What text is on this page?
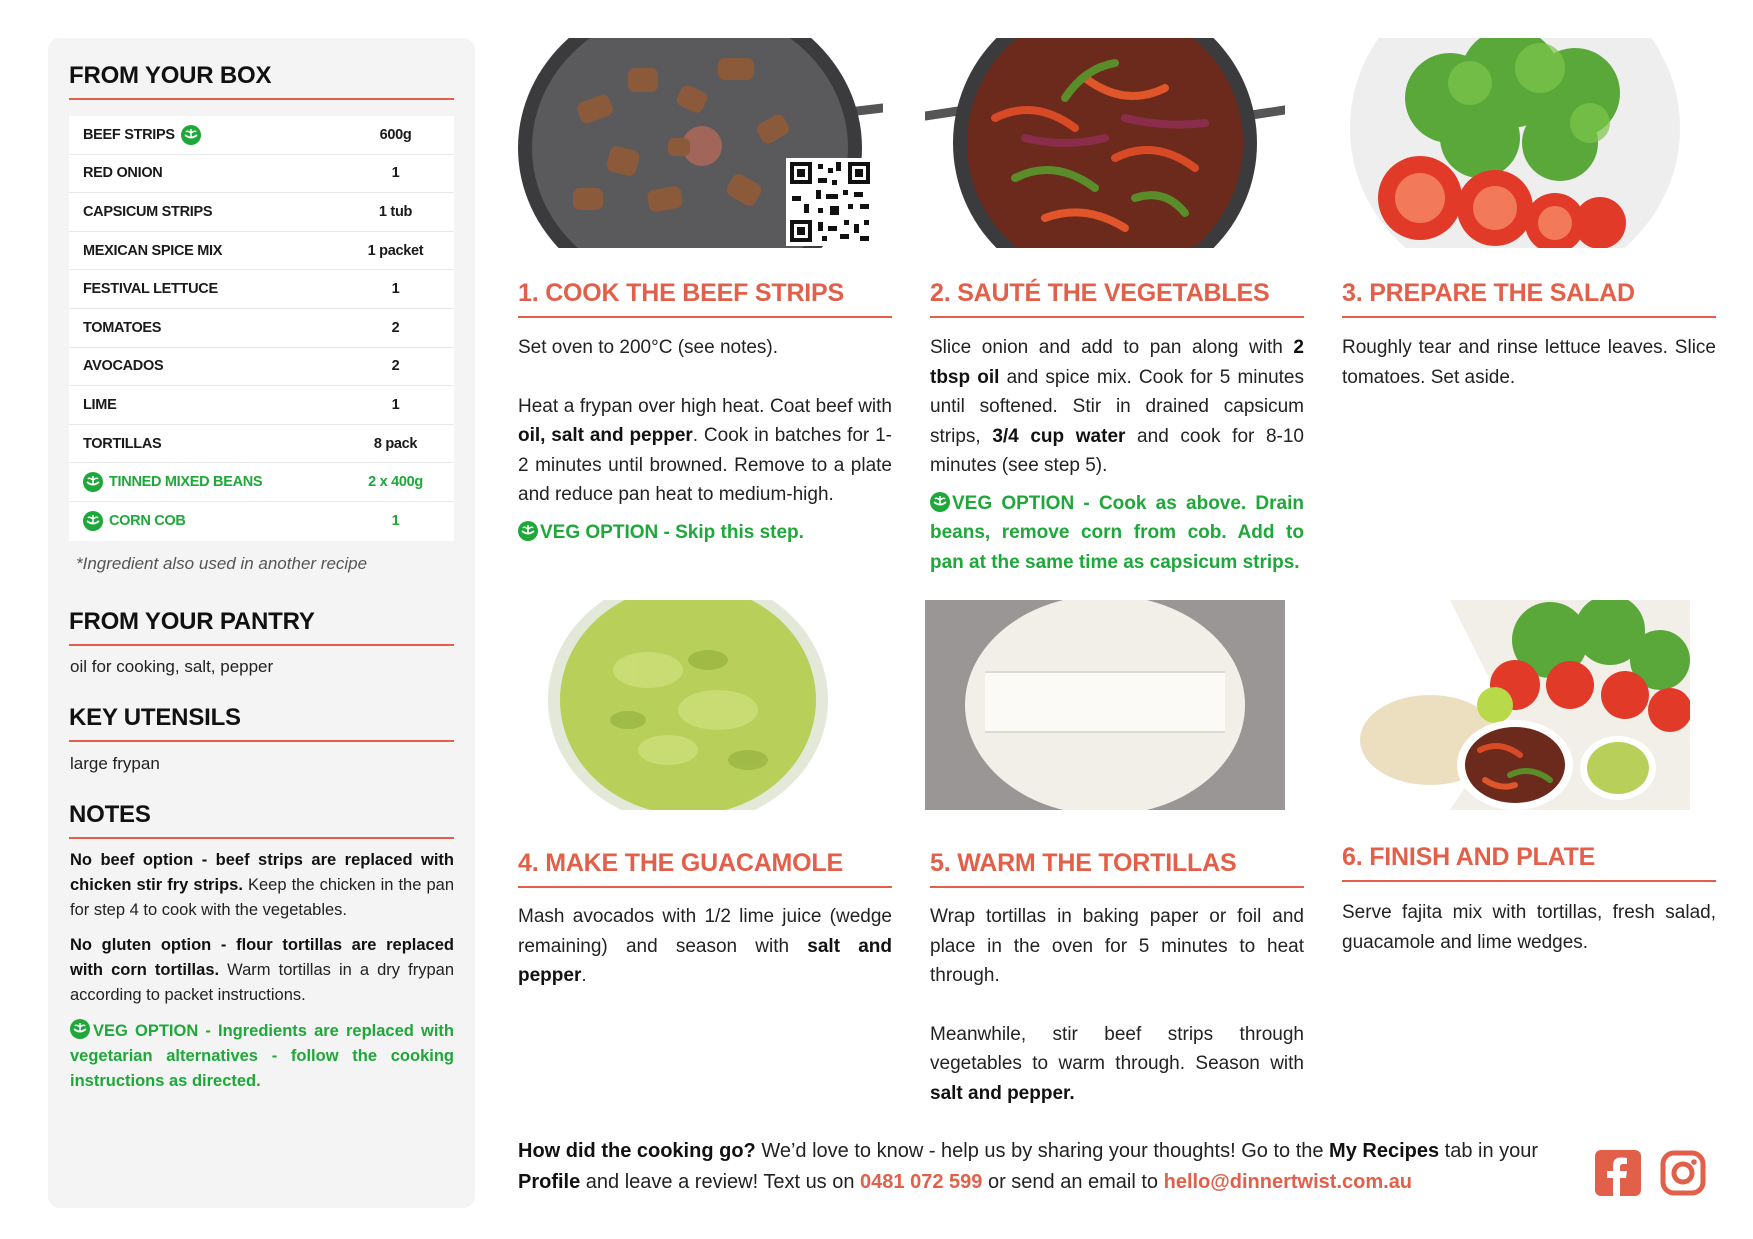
FROM YOUR BOX
BEEF STRIPS	600g
RED ONION	1
CAPSICUM STRIPS	1 tub
MEXICAN SPICE MIX	1 packet
FESTIVAL LETTUCE	1
TOMATOES	2
AVOCADOS	2
LIME	1
TORTILLAS	8 pack
TINNED MIXED BEANS	2 x 400g
CORN COB	1
*Ingredient also used in another recipe
FROM YOUR PANTRY
oil for cooking, salt, pepper
KEY UTENSILS
large frypan
NOTES
No beef option - beef strips are replaced with chicken stir fry strips. Keep the chicken in the pan for step 4 to cook with the vegetables.
No gluten option - flour tortillas are replaced with corn tortillas. Warm tortillas in a dry frypan according to packet instructions.
VEG OPTION - Ingredients are replaced with vegetarian alternatives - follow the cooking instructions as directed.
1. COOK THE BEEF STRIPS	2. SAUTÉ THE VEGETABLES	3. PREPARE THE SALAD
4. MAKE THE GUACAMOLE	5. WARM THE TORTILLAS	6. FINISH AND PLATE
Set oven to 200°C (see notes).
Heat a frypan over high heat. Coat beef with oil, salt and pepper. Cook in batches for 1-2 minutes until browned. Remove to a plate and reduce pan heat to medium-high.
VEG OPTION - Skip this step.
Slice onion and add to pan along with 2 tbsp oil and spice mix. Cook for 5 minutes until softened. Stir in drained capsicum strips, 3/4 cup water and cook for 8-10 minutes (see step 5).
VEG OPTION - Cook as above. Drain beans, remove corn from cob. Add to pan at the same time as capsicum strips.
Roughly tear and rinse lettuce leaves. Slice tomatoes. Set aside.
Mash avocados with 1/2 lime juice (wedge remaining) and season with salt and pepper.
Wrap tortillas in baking paper or foil and place in the oven for 5 minutes to heat through.
Meanwhile, stir beef strips through vegetables to warm through. Season with salt and pepper.
Serve fajita mix with tortillas, fresh salad, guacamole and lime wedges.
How did the cooking go? We’d love to know - help us by sharing your thoughts! Go to the My Recipes tab in your Profile and leave a review! Text us on 0481 072 599 or send an email to hello@dinnertwist.com.au
